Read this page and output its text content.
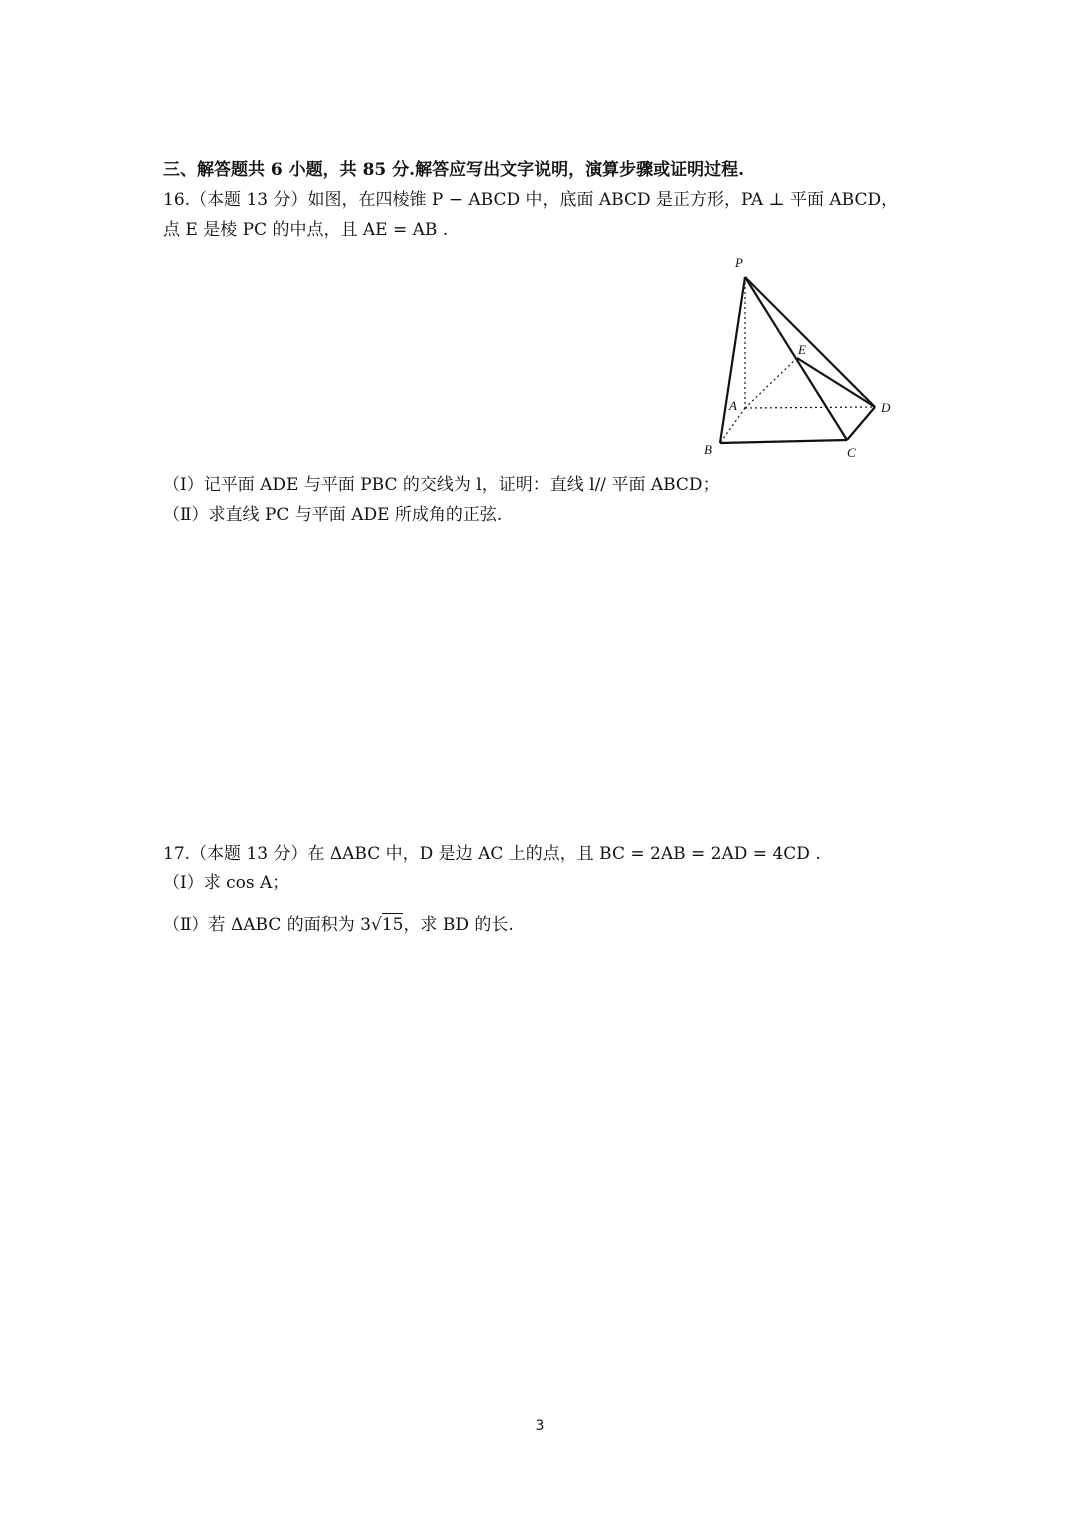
三、解答题共 6 小题，共 85 分.解答应写出文字说明，演算步骤或证明过程.
16.（本题 13 分）如图，在四棱锥 P − ABCD 中，底面 ABCD 是正方形，PA ⊥ 平面 ABCD，
点 E 是棱 PC 的中点，且 AE = AB .
P
A
B	C
D
E
（Ⅰ）记平面 ADE 与平面 PBC 的交线为 l，证明：直线 l// 平面 ABCD；
（Ⅱ）求直线 PC 与平面 ADE 所成角的正弦.
17.（本题 13 分）在 ΔABC 中，D 是边 AC 上的点，且 BC = 2AB = 2AD = 4CD .
（Ⅰ）求 cos A；
（Ⅱ）若 ΔABC 的面积为 3√15，求 BD 的长.
3
